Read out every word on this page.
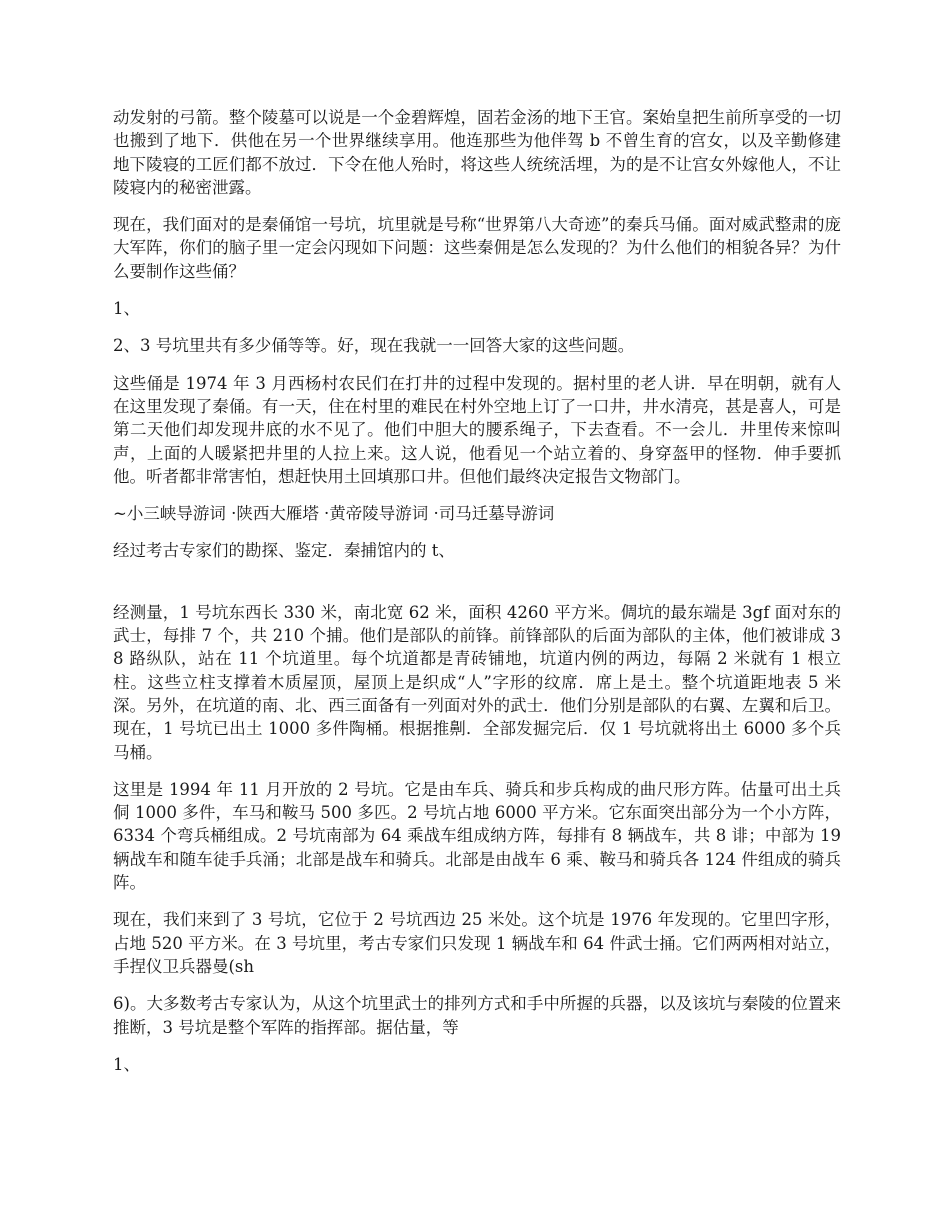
动发射的弓箭。整个陵墓可以说是一个金碧辉煌，固若金汤的地下王官。案始皇把生前所享受的一切也搬到了地下．供他在另一个世界继续享用。他连那些为他伴驾 b 不曾生育的宫女，以及辛勤修建地下陵寝的工匠们都不放过．下令在他人殆时，将这些人统统活埋，为的是不让宫女外嫁他人，不让陵寝内的秘密泄露。

现在，我们面对的是秦俑馆一号坑，坑里就是号称“世界第八大奇迹”的秦兵马俑。面对威武整肃的庞大军阵，你们的脑子里一定会闪现如下问题：这些秦佣是怎么发现的？为什么他们的相貌各异？为什么要制作这些俑？

1、

2、3 号坑里共有多少俑等等。好，现在我就一一回答大家的这些问题。

这些俑是 1974 年 3 月西杨村农民们在打井的过程中发现的。据村里的老人讲．早在明朝，就有人在这里发现了秦俑。有一天，住在村里的难民在村外空地上订了一口井，井水清亮，甚是喜人，可是第二天他们却发现井底的水不见了。他们中胆大的腰系绳子，下去查看。不一会儿．井里传来惊叫声，上面的人暖紧把井里的人拉上来。这人说，他看见一个站立着的、身穿盔甲的怪物．伸手要抓他。听者都非常害怕，想赶快用土回填那口井。但他们最终决定报告文物部门。

~小三峡导游词 ·陕西大雁塔 ·黄帝陵导游词 ·司马迁墓导游词

经过考古专家们的勘探、鉴定．秦捕馆内的 t、

经测量，1 号坑东西长 330 米，南北宽 62 米，面积 4260 平方米。倜坑的最东端是 3gf 面对东的武士，每排 7 个，共 210 个捕。他们是部队的前锋。前锋部队的后面为部队的主体，他们被诽成 38 路纵队，站在 11 个坑道里。每个坑道都是青砖铺地，坑道内例的两边，每隔 2 米就有 1 根立柱。这些立柱支撑着木质屋顶，屋顶上是织成“人”字形的纹席．席上是土。整个坑道距地表 5 米深。另外，在坑道的南、北、西三面备有一列面对外的武士．他们分别是部队的右翼、左翼和后卫。现在，1 号坑已出土 1000 多件陶桶。根据推劓．全部发掘完后．仅 1 号坑就将出土 6000 多个兵马桶。

这里是 1994 年 11 月开放的 2 号坑。它是由车兵、骑兵和步兵构成的曲尺形方阵。估量可出土兵侗 1000 多件，车马和鞍马 500 多匹。2 号坑占地 6000 平方米。它东面突出部分为一个小方阵，6334 个弯兵桶组成。2 号坑南部为 64 乘战车组成纳方阵，每排有 8 辆战车，共 8 诽；中部为 19 辆战车和随车徒手兵涌；北部是战车和骑兵。北部是由战车 6 乘、鞍马和骑兵各 124 件组成的骑兵阵。

现在，我们来到了 3 号坑，它位于 2 号坑西边 25 米处。这个坑是 1976 年发现的。它里凹字形，占地 520 平方米。在 3 号坑里，考古专家们只发现 1 辆战车和 64 件武士捅。它们两两相对站立，手捏仪卫兵器曼(sh

6)。大多数考古专家认为，从这个坑里武士的排列方式和手中所握的兵器，以及该坑与秦陵的位置来推断，3 号坑是整个军阵的指挥部。据估量，等

1、
